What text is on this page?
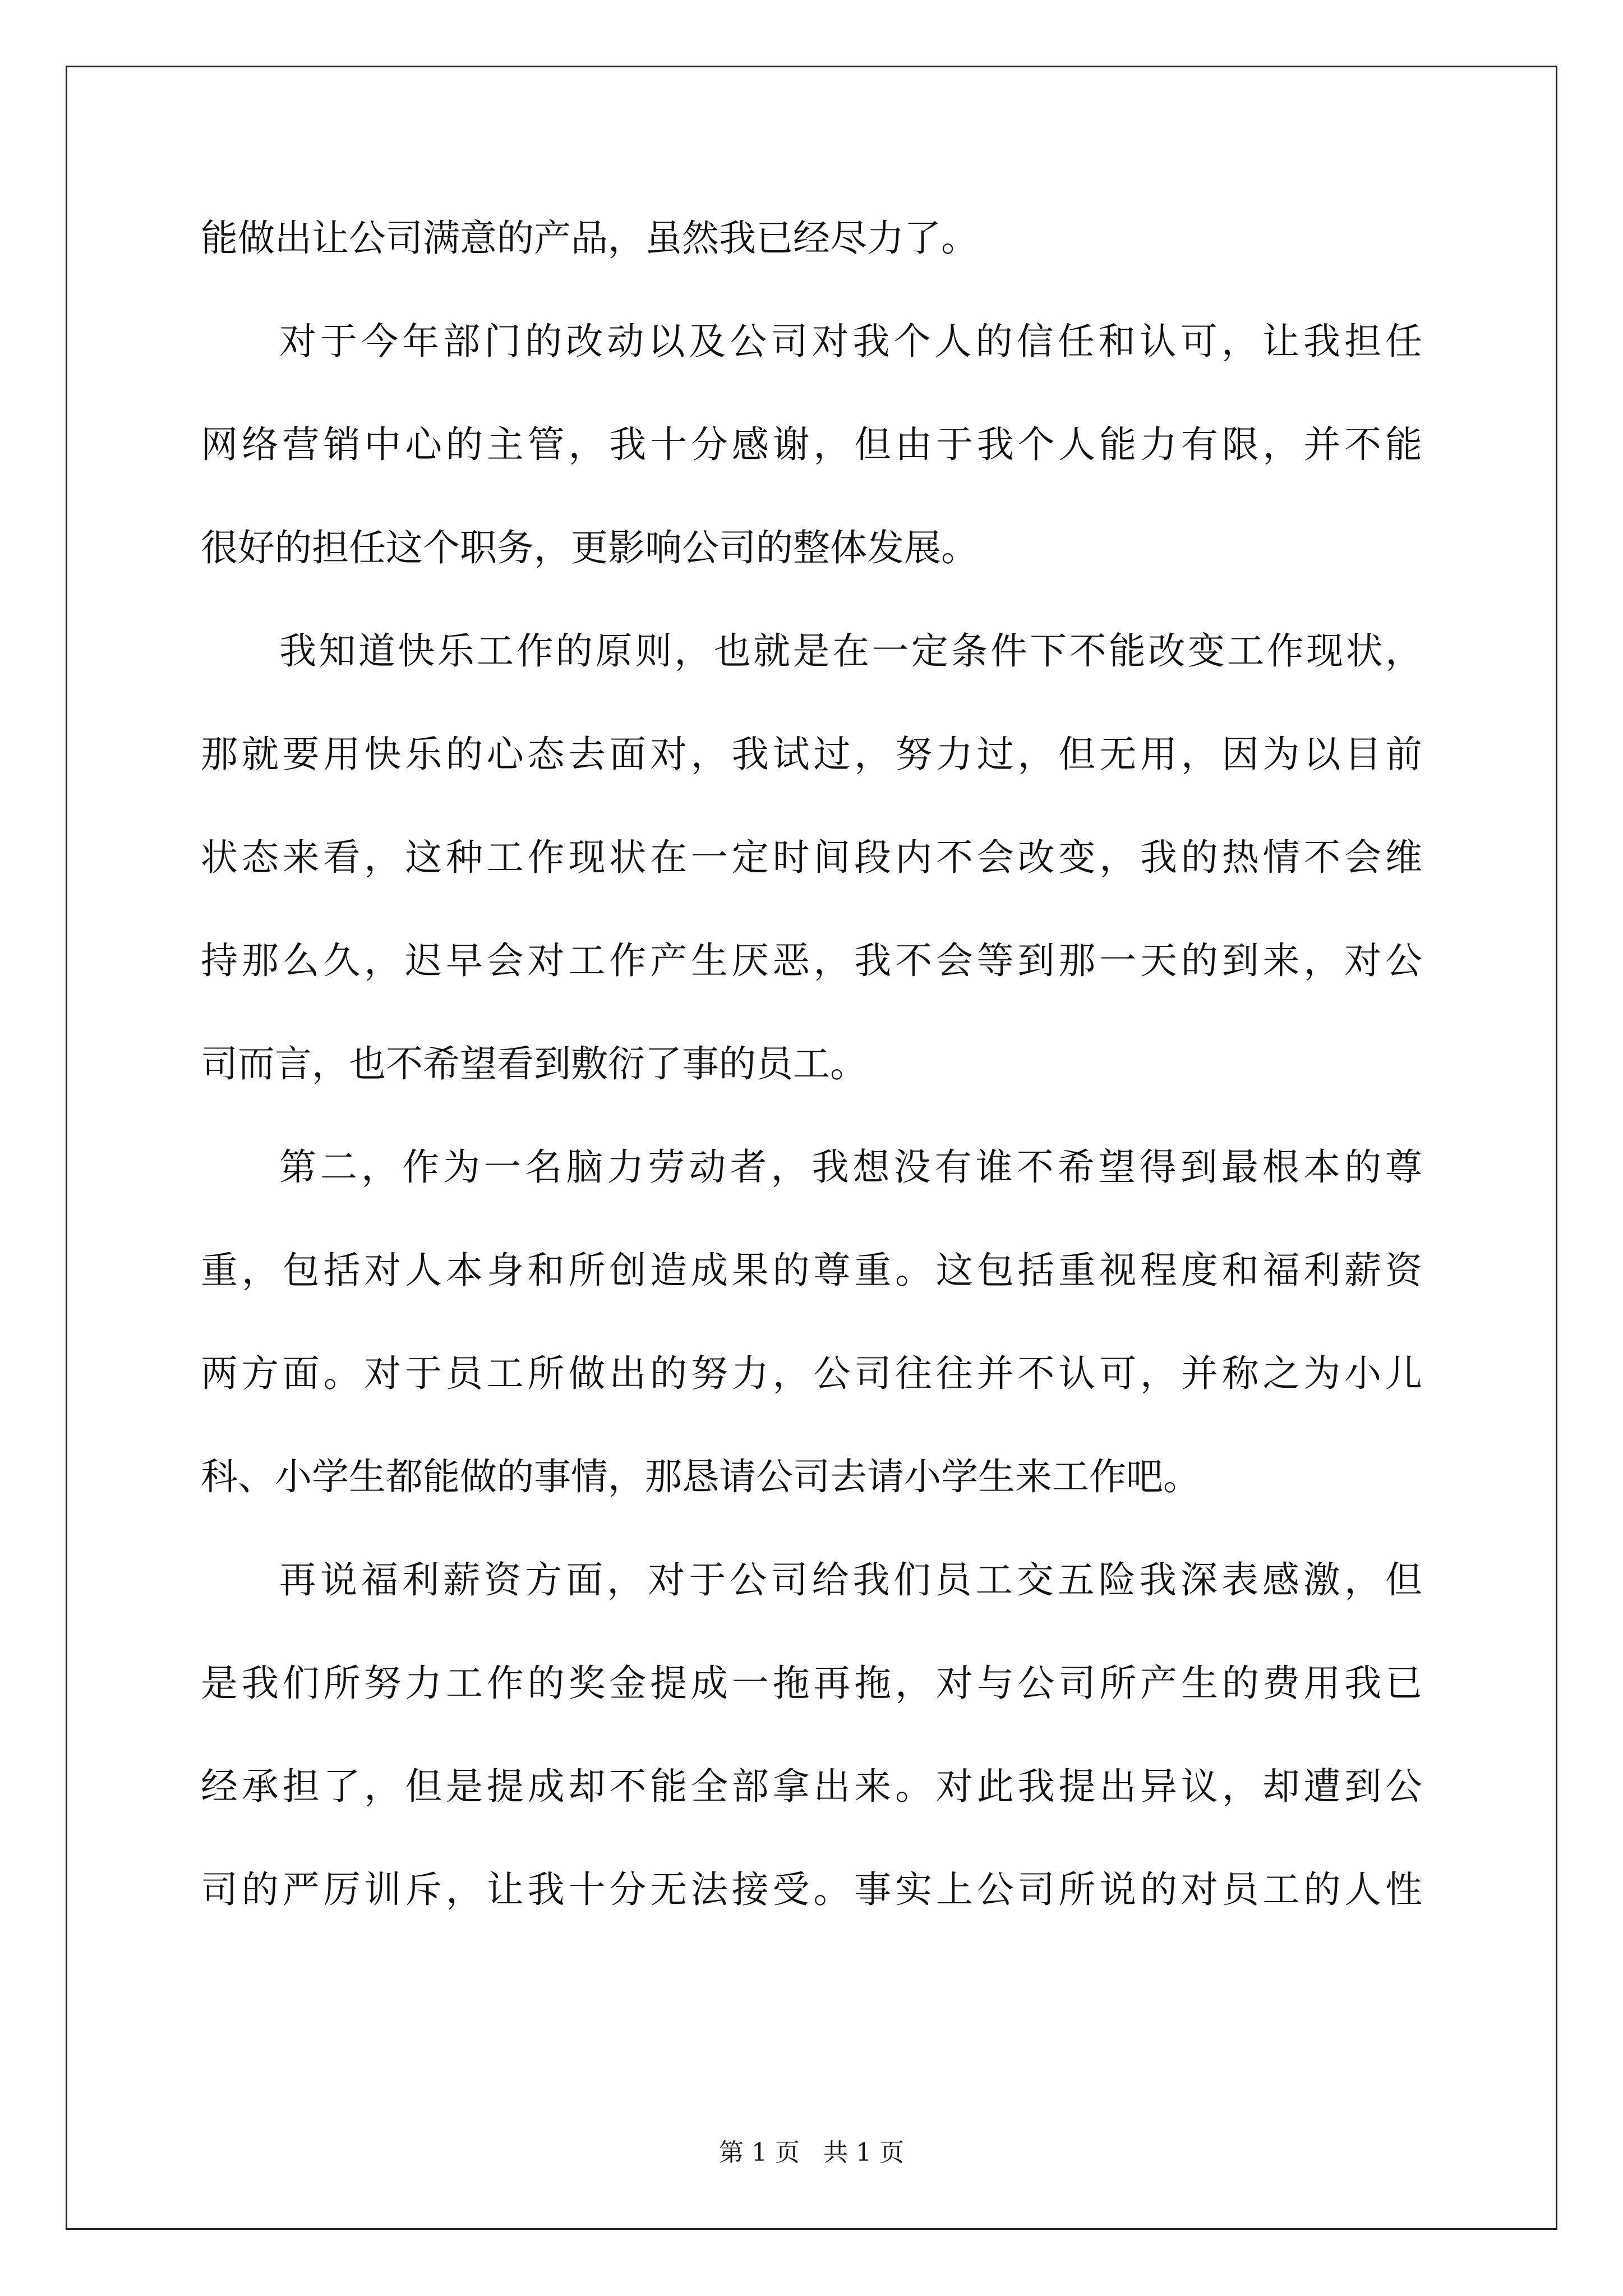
能做出让公司满意的产品，虽然我已经尽力了。
对于今年部门的改动以及公司对我个人的信任和认可，让我担任
网络营销中心的主管，我十分感谢，但由于我个人能力有限，并不能
很好的担任这个职务，更影响公司的整体发展。
我知道快乐工作的原则，也就是在一定条件下不能改变工作现状，
那就要用快乐的心态去面对，我试过，努力过，但无用，因为以目前
状态来看，这种工作现状在一定时间段内不会改变，我的热情不会维
持那么久，迟早会对工作产生厌恶，我不会等到那一天的到来，对公
司而言，也不希望看到敷衍了事的员工。
第二，作为一名脑力劳动者，我想没有谁不希望得到最根本的尊
重，包括对人本身和所创造成果的尊重。这包括重视程度和福利薪资
两方面。对于员工所做出的努力，公司往往并不认可，并称之为小儿
科、小学生都能做的事情，那恳请公司去请小学生来工作吧。
再说福利薪资方面，对于公司给我们员工交五险我深表感激，但
是我们所努力工作的奖金提成一拖再拖，对与公司所产生的费用我已
经承担了，但是提成却不能全部拿出来。对此我提出异议，却遭到公
司的严厉训斥，让我十分无法接受。事实上公司所说的对员工的人性
第 1 页   共 1 页
